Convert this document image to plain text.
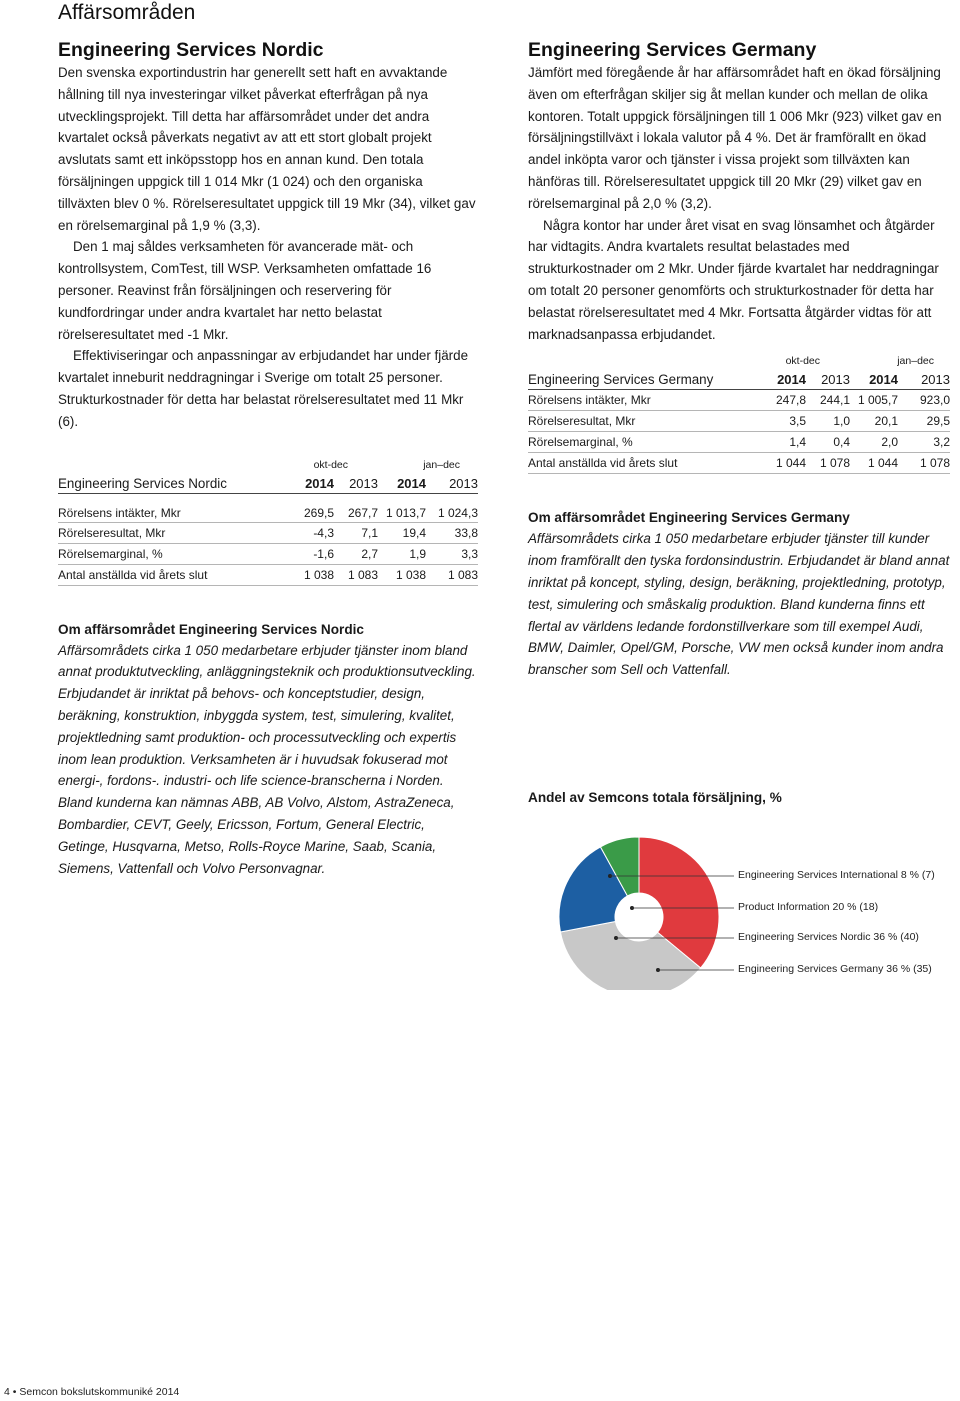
Affärsområden
Engineering Services Nordic

Den svenska exportindustrin har generellt sett haft en avvaktande hållning till nya investeringar vilket påverkat efterfrågan på nya utvecklingsprojekt. Till detta har affärsområdet under det andra kvartalet också påverkats negativt av att ett stort globalt projekt avslutats samt ett inköpsstopp hos en annan kund. Den totala försäljningen uppgick till 1 014 Mkr (1 024) och den organiska tillväxten blev 0 %. Rörelseresultatet uppgick till 19 Mkr (34), vilket gav en rörelsemarginal på 1,9 % (3,3).

Den 1 maj såldes verksamheten för avancerade mät- och kontrollsystem, ComTest, till WSP. Verksamheten omfattade 16 personer. Reavinst från försäljningen och reservering för kundfordringar under andra kvartalet har netto belastat rörelseresultatet med -1 Mkr.

Effektiviseringar och anpassningar av erbjudandet har under fjärde kvartalet inneburit neddragningar i Sverige om totalt 25 personer. Strukturkostnader för detta har belastat rörelseresultatet med 11 Mkr (6).

	okt-dec		jan–dec	
Engineering Services Nordic	2014	2013	2014	2013
Rörelsens intäkter, Mkr	269,5	267,7	1 013,7	1 024,3
Rörelseresultat, Mkr	-4,3	7,1	19,4	33,8
Rörelsemarginal, %	-1,6	2,7	1,9	3,3
Antal anställda vid årets slut	1 038	1 083	1 038	1 083
Om affärsområdet Engineering Services Nordic

Affärsområdets cirka 1 050 medarbetare erbjuder tjänster inom bland annat produktutveckling, anläggningsteknik och produktionsutveckling. Erbjudandet är inriktat på behovs- och konceptstudier, design, beräkning, konstruktion, inbyggda system, test, simulering, kvalitet, projektledning samt produktion- och processutveckling och expertis inom lean produktion. Verksamheten är i huvudsak fokuserad mot energi-, fordons-. industri- och life science-branscherna i Norden. Bland kunderna kan nämnas ABB, AB Volvo, Alstom, AstraZeneca, Bombardier, CEVT, Geely, Ericsson, Fortum, General Electric, Getinge, Husqvarna, Metso, Rolls-Royce Marine, Saab, Scania, Siemens, Vattenfall och Volvo Personvagnar.

Engineering Services Germany

Jämfört med föregående år har affärsområdet haft en ökad försäljning även om efterfrågan skiljer sig åt mellan kunder och mellan de olika kontoren. Totalt uppgick försäljningen till 1 006 Mkr (923) vilket gav en försäljningstillväxt i lokala valutor på 4 %. Det är framförallt en ökad andel inköpta varor och tjänster i vissa projekt som tillväxten kan hänföras till. Rörelseresultatet uppgick till 20 Mkr (29) vilket gav en rörelsemarginal på 2,0 % (3,2).

Några kontor har under året visat en svag lönsamhet och åtgärder har vidtagits. Andra kvartalets resultat belastades med strukturkostnader om 2 Mkr. Under fjärde kvartalet har neddragningar om totalt 20 personer genomförts och strukturkostnader för detta har belastat rörelseresultatet med 4 Mkr. Fortsatta åtgärder vidtas för att marknadsanpassa erbjudandet.

	okt-dec		jan–dec	
Engineering Services Germany	2014	2013	2014	2013
Rörelsens intäkter, Mkr	247,8	244,1	1 005,7	923,0
Rörelseresultat, Mkr	3,5	1,0	20,1	29,5
Rörelsemarginal, %	1,4	0,4	2,0	3,2
Antal anställda vid årets slut	1 044	1 078	1 044	1 078
Om affärsområdet Engineering Services Germany

Affärsområdets cirka 1 050 medarbetare erbjuder tjänster till kunder inom framförallt den tyska fordonsindustrin. Erbjudandet är bland annat inriktat på koncept, styling, design, beräkning, projektledning, prototyp, test, simulering och småskalig produktion. Bland kunderna finns ett flertal av världens ledande fordonstillverkare som till exempel Audi, BMW, Daimler, Opel/GM, Porsche, VW men också kunder inom andra branscher som Sell och Vattenfall.

Andel av Semcons totala försäljning, %
Engineering Services International 8 % (7)
Product Information 20 % (18)
Engineering Services Nordic 36 % (40)
Engineering Services Germany 36 % (35)
4 • Semcon bokslutskommuniké 2014
